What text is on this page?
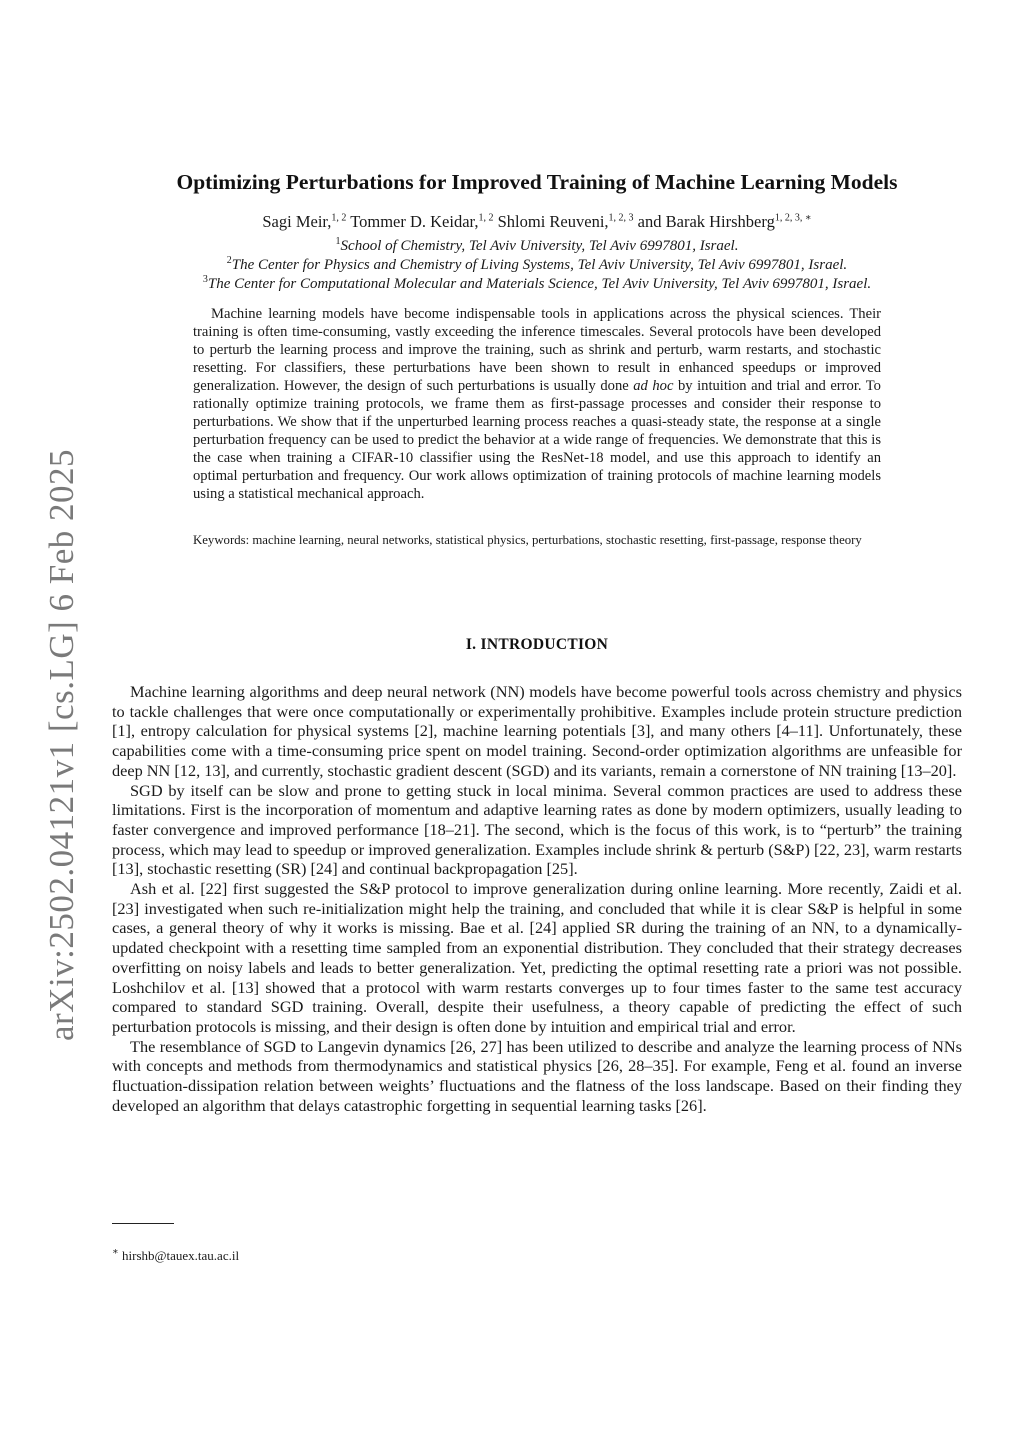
arXiv:2502.04121v1 [cs.LG] 6 Feb 2025
Optimizing Perturbations for Improved Training of Machine Learning Models
Sagi Meir,$^{1, 2}$ Tommer D. Keidar,$^{1, 2}$ Shlomi Reuveni,$^{1, 2, 3}$ and Barak Hirshberg$^{1, 2, 3, ∗}$
$^1$School of Chemistry, Tel Aviv University, Tel Aviv 6997801, Israel.
$^2$The Center for Physics and Chemistry of Living Systems, Tel Aviv University, Tel Aviv 6997801, Israel.
$^3$The Center for Computational Molecular and Materials Science, Tel Aviv University, Tel Aviv 6997801, Israel.
Machine learning models have become indispensable tools in applications across the physical sciences. Their training is often time-consuming, vastly exceeding the inference timescales. Several protocols have been developed to perturb the learning process and improve the training, such as shrink and perturb, warm restarts, and stochastic resetting. For classifiers, these perturbations have been shown to result in enhanced speedups or improved generalization. However, the design of such perturbations is usually done ad hoc by intuition and trial and error. To rationally optimize training protocols, we frame them as first-passage processes and consider their response to perturbations. We show that if the unperturbed learning process reaches a quasi-steady state, the response at a single perturbation frequency can be used to predict the behavior at a wide range of frequencies. We demonstrate that this is the case when training a CIFAR-10 classifier using the ResNet-18 model, and use this approach to identify an optimal perturbation and frequency. Our work allows optimization of training protocols of machine learning models using a statistical mechanical approach.
Keywords: machine learning, neural networks, statistical physics, perturbations, stochastic resetting, first-passage, response theory
I. INTRODUCTION

Machine learning algorithms and deep neural network (NN) models have become powerful tools across chemistry and physics to tackle challenges that were once computationally or experimentally prohibitive. Examples include protein structure prediction [1], entropy calculation for physical systems [2], machine learning potentials [3], and many others [4–11]. Unfortunately, these capabilities come with a time-consuming price spent on model training. Second-order optimization algorithms are unfeasible for deep NN [12, 13], and currently, stochastic gradient descent (SGD) and its variants, remain a cornerstone of NN training [13–20].

SGD by itself can be slow and prone to getting stuck in local minima. Several common practices are used to address these limitations. First is the incorporation of momentum and adaptive learning rates as done by modern optimizers, usually leading to faster convergence and improved performance [18–21]. The second, which is the focus of this work, is to “perturb” the training process, which may lead to speedup or improved generalization. Examples include shrink & perturb (S&P) [22, 23], warm restarts [13], stochastic resetting (SR) [24] and continual backpropagation [25].

Ash et al. [22] first suggested the S&P protocol to improve generalization during online learning. More recently, Zaidi et al. [23] investigated when such re-initialization might help the training, and concluded that while it is clear S&P is helpful in some cases, a general theory of why it works is missing. Bae et al. [24] applied SR during the training of an NN, to a dynamically-updated checkpoint with a resetting time sampled from an exponential distribution. They concluded that their strategy decreases overfitting on noisy labels and leads to better generalization. Yet, predicting the optimal resetting rate a priori was not possible. Loshchilov et al. [13] showed that a protocol with warm restarts converges up to four times faster to the same test accuracy compared to standard SGD training. Overall, despite their usefulness, a theory capable of predicting the effect of such perturbation protocols is missing, and their design is often done by intuition and empirical trial and error.

The resemblance of SGD to Langevin dynamics [26, 27] has been utilized to describe and analyze the learning process of NNs with concepts and methods from thermodynamics and statistical physics [26, 28–35]. For example, Feng et al. found an inverse fluctuation-dissipation relation between weights’ fluctuations and the flatness of the loss landscape. Based on their finding they developed an algorithm that delays catastrophic forgetting in sequential learning tasks [26].

∗ hirshb@tauex.tau.ac.il
